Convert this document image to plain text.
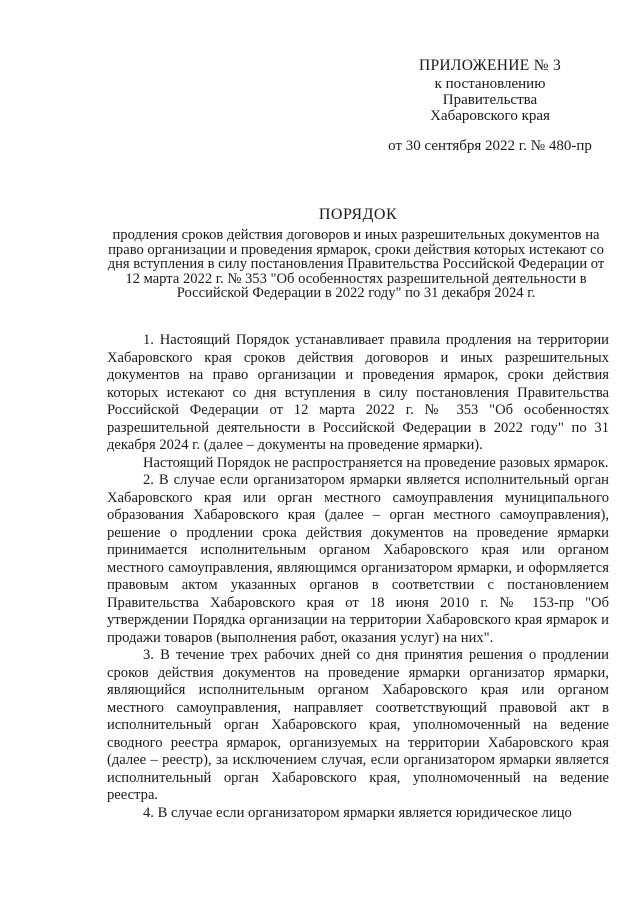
ПРИЛОЖЕНИЕ № 3
к постановлению
Правительства
Хабаровского края
от 30 сентября 2022 г. № 480-пр
ПОРЯДОК
продления сроков действия договоров и иных разрешительных документов на право организации и проведения ярмарок, сроки действия которых истекают со дня вступления в силу постановления Правительства Российской Федерации от 12 марта 2022 г. № 353 "Об особенностях разрешительной деятельности в Российской Федерации в 2022 году" по 31 декабря 2024 г.

1. Настоящий Порядок устанавливает правила продления на территории Хабаровского края сроков действия договоров и иных разрешительных документов на право организации и проведения ярмарок, сроки действия которых истекают со дня вступления в силу постановления Правительства Российской Федерации от 12 марта 2022 г. № 353 "Об особенностях разрешительной деятельности в Российской Федерации в 2022 году" по 31 декабря 2024 г. (далее – документы на проведение ярмарки).

Настоящий Порядок не распространяется на проведение разовых ярмарок.

2. В случае если организатором ярмарки является исполнительный орган Хабаровского края или орган местного самоуправления муниципального образования Хабаровского края (далее – орган местного самоуправления), решение о продлении срока действия документов на проведение ярмарки принимается исполнительным органом Хабаровского края или органом местного самоуправления, являющимся организатором ярмарки, и оформляется правовым актом указанных органов в соответствии с постановлением Правительства Хабаровского края от 18 июня 2010 г. № 153-пр "Об утверждении Порядка организации на территории Хабаровского края ярмарок и продажи товаров (выполнения работ, оказания услуг) на них".

3. В течение трех рабочих дней со дня принятия решения о продлении сроков действия документов на проведение ярмарки организатор ярмарки, являющийся исполнительным органом Хабаровского края или органом местного самоуправления, направляет соответствующий правовой акт в исполнительный орган Хабаровского края, уполномоченный на ведение сводного реестра ярмарок, организуемых на территории Хабаровского края (далее – реестр), за исключением случая, если организатором ярмарки является исполнительный орган Хабаровского края, уполномоченный на ведение реестра.

4. В случае если организатором ярмарки является юридическое лицо
